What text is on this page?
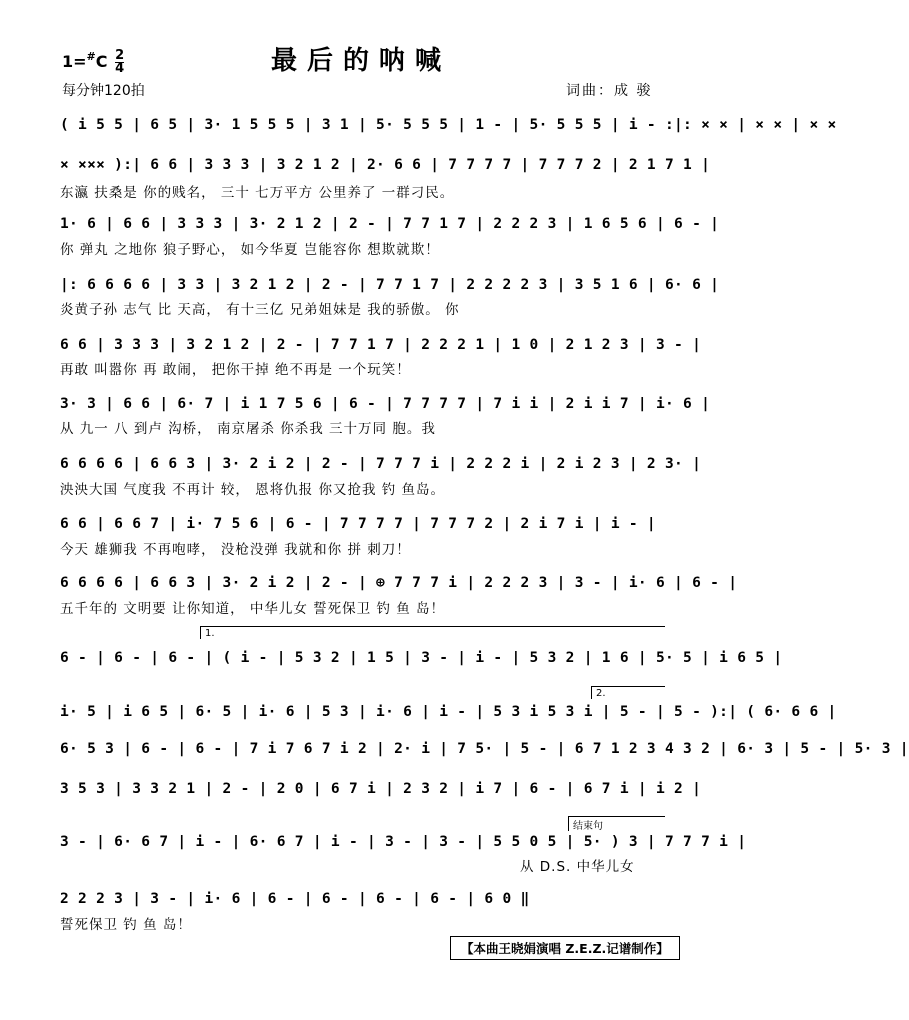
最后的呐喊
$1=^{\#}C \frac{2}{4}$
每分钟120拍	词曲：成 骏
( i 5 5 | 6 5 | 3· 1 5 5 5 | 3 1 | 5· 5 5 5 | 1 - | 5· 5 5 5 | i - :|: × × | × × | × ×
× ××× ):| 6 6 | 3 3 3 | 3 2 1 2 | 2· 6 6 | 7 7 7 7 | 7 7 7 2 | 2 1 7 1 |
东瀛 扶桑是 你的贱名， 三十 七万平方 公里养了 一群刁民。
1· 6 | 6 6 | 3 3 3 | 3· 2 1 2 | 2 - | 7 7 1 7 | 2 2 2 3 | 1 6 5 6 | 6 - |
你 弹丸 之地你 狼子野心， 如今华夏 岂能容你 想欺就欺！
|: 6 6 6 6 | 3 3 | 3 2 1 2 | 2 - | 7 7 1 7 | 2 2 2 2 3 | 3 5 1 6 | 6· 6 |
炎黄子孙 志气 比 天高， 有十三亿 兄弟姐妹是 我的骄傲。 你
6 6 | 3 3 3 | 3 2 1 2 | 2 - | 7 7 1 7 | 2 2 2 1 | 1 0 | 2 1 2 3 | 3 - |
再敢 叫嚣你 再 敢闹， 把你干掉 绝不再是 一个玩笑！
3· 3 | 6 6 | 6· 7 | i 1 7 5 6 | 6 - | 7 7 7 7 | 7 i i | 2 i i 7 | i· 6 |
从 九一 八 到卢 沟桥， 南京屠杀 你杀我 三十万同 胞。我
6 6 6 6 | 6 6 3 | 3· 2 i 2 | 2 - | 7 7 7 i | 2 2 2 i | 2 i 2 3 | 2 3· |
泱泱大国 气度我 不再计 较， 恩将仇报 你又抢我 钓 鱼岛。
6 6 | 6 6 7 | i· 7 5 6 | 6 - | 7 7 7 7 | 7 7 7 2 | 2 i 7 i | i - |
今天 雄狮我 不再咆哮， 没枪没弹 我就和你 拼 刺刀！
6 6 6 6 | 6 6 3 | 3· 2 i 2 | 2 - | ⊕ 7 7 7 i | 2 2 2 3 | 3 - | i· 6 | 6 - |
五千年的 文明要 让你知道， 中华儿女 誓死保卫 钓 鱼 岛！
1.
6 - | 6 - | 6 - | ( i - | 5 3 2 | 1 5 | 3 - | i - | 5 3 2 | 1 6 | 5· 5 | i 6 5 |
2.
i· 5 | i 6 5 | 6· 5 | i· 6 | 5 3 | i· 6 | i - | 5 3 i 5 3 i | 5 - | 5 - ):| ( 6· 6 6 |
6· 5 3 | 6 - | 6 - | 7 i 7 6 7 i 2 | 2· i | 7 5· | 5 - | 6 7 1 2 3 4 3 2 | 6· 3 | 5 - | 5· 3 |
3 5 3 | 3 3 2 1 | 2 - | 2 0 | 6 7 i | 2 3 2 | i 7 | 6 - | 6 7 i | i 2 |
结束句
3 - | 6· 6 7 | i - | 6· 6 7 | i - | 3 - | 3 - | 5 5 0 5 | 5· ) 3 | 7 7 7 i |
从 D.S. 中华儿女
2 2 2 3 | 3 - | i· 6 | 6 - | 6 - | 6 - | 6 - | 6 0 ‖
誓死保卫 钓 鱼 岛！
【本曲王晓娟演唱 Z.E.Z.记谱制作】
